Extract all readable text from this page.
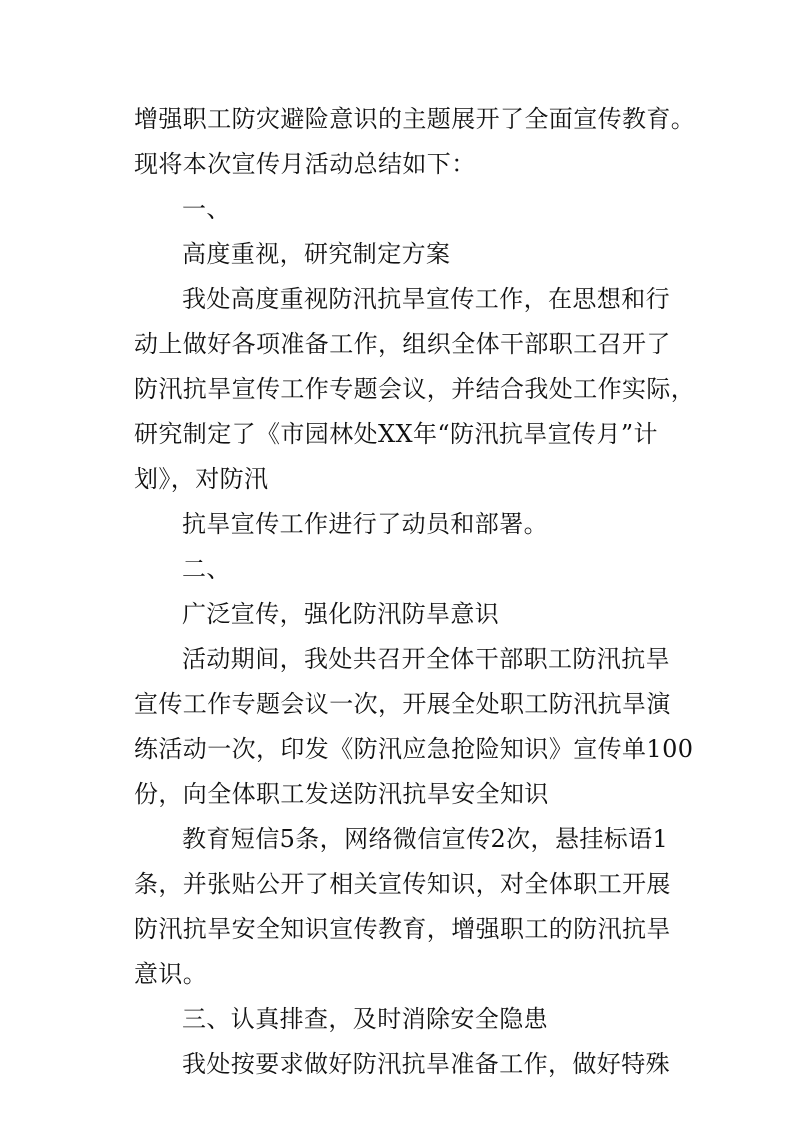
增强职工防灾避险意识的主题展开了全面宣传教育。
现将本次宣传月活动总结如下：
一、
高度重视，研究制定方案
我处高度重视防汛抗旱宣传工作，在思想和行
动上做好各项准备工作，组织全体干部职工召开了
防汛抗旱宣传工作专题会议，并结合我处工作实际，
研究制定了《市园林处XX年“防汛抗旱宣传月”计
划》，对防汛
抗旱宣传工作进行了动员和部署。
二、
广泛宣传，强化防汛防旱意识
活动期间，我处共召开全体干部职工防汛抗旱
宣传工作专题会议一次，开展全处职工防汛抗旱演
练活动一次，印发《防汛应急抢险知识》宣传单100
份，向全体职工发送防汛抗旱安全知识
教育短信5条，网络微信宣传2次，悬挂标语1
条，并张贴公开了相关宣传知识，对全体职工开展
防汛抗旱安全知识宣传教育，增强职工的防汛抗旱
意识。
三、认真排查，及时消除安全隐患
我处按要求做好防汛抗旱准备工作，做好特殊
